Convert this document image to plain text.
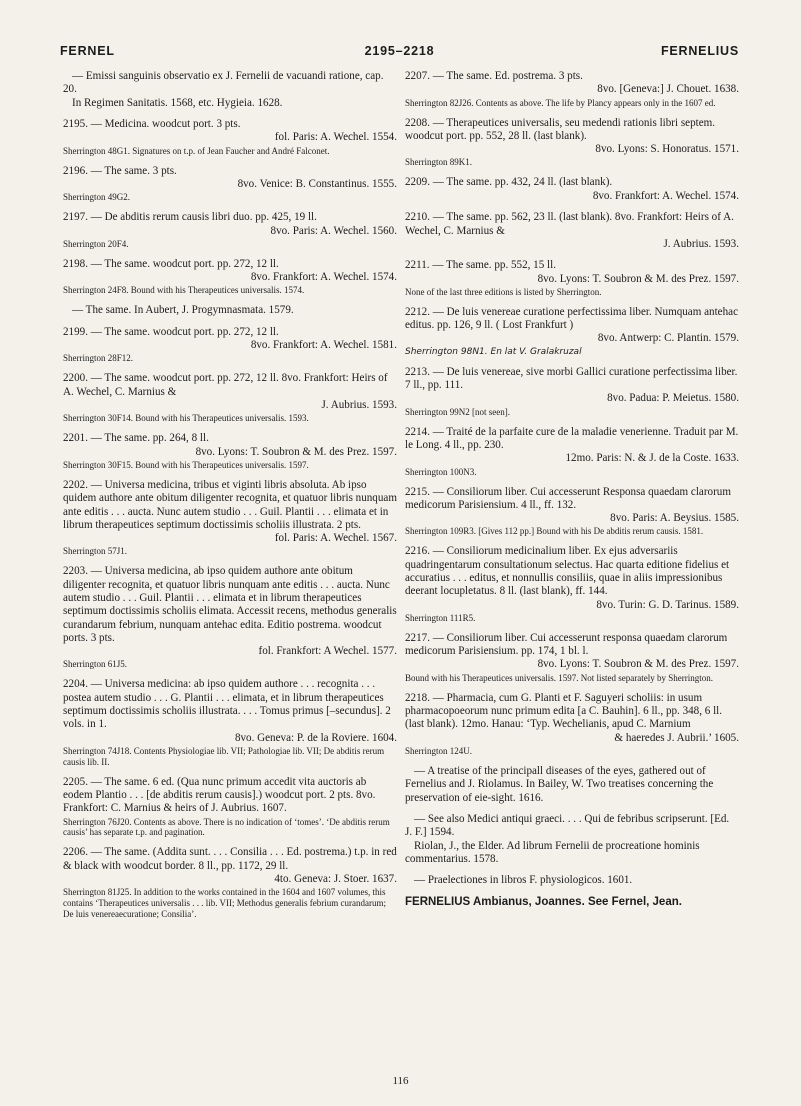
FERNEL	2195–2218	FERNELIUS

— Emissi sanguinis observatio ex J. Fernelii de vacuandi ratione, cap. 20.

In Regimen Sanitatis. 1568, etc. Hygieia. 1628.

2195. — Medicina. woodcut port. 3 pts.

fol. Paris: A. Wechel. 1554.

Sherrington 48G1. Signatures on t.p. of Jean Faucher and André Falconet.

2196. — The same. 3 pts.

8vo. Venice: B. Constantinus. 1555.

Sherrington 49G2.

2197. — De abditis rerum causis libri duo. pp. 425, 19 ll.

8vo. Paris: A. Wechel. 1560.

Sherrington 20F4.

2198. — The same. woodcut port. pp. 272, 12 ll.

8vo. Frankfort: A. Wechel. 1574.

Sherrington 24F8. Bound with his Therapeutices universalis. 1574.

— The same. In Aubert, J. Progymnasmata. 1579.

2199. — The same. woodcut port. pp. 272, 12 ll.

8vo. Frankfort: A. Wechel. 1581.

Sherrington 28F12.

2200. — The same. woodcut port. pp. 272, 12 ll. 8vo. Frankfort: Heirs of A. Wechel, C. Marnius &

J. Aubrius. 1593.

Sherrington 30F14. Bound with his Therapeutices universalis. 1593.

2201. — The same. pp. 264, 8 ll.

8vo. Lyons: T. Soubron & M. des Prez. 1597.

Sherrington 30F15. Bound with his Therapeutices universalis. 1597.

2202. — Universa medicina, tribus et viginti libris absoluta. Ab ipso quidem authore ante obitum diligenter recognita, et quatuor libris nunquam ante editis . . . aucta. Nunc autem studio . . . Guil. Plantii . . . elimata et in librum therapeutices septimum doctissimis scholiis illustrata. 2 pts.

fol. Paris: A. Wechel. 1567.

Sherrington 57J1.

2203. — Universa medicina, ab ipso quidem authore ante obitum diligenter recognita, et quatuor libris nunquam ante editis . . . aucta. Nunc autem studio . . . Guil. Plantii . . . elimata et in librum therapeutices septimum doctissimis scholiis elimata. Accessit recens, methodus generalis curandarum febrium, nunquam antehac edita. Editio postrema. woodcut ports. 3 pts.

fol. Frankfort: A Wechel. 1577.

Sherrington 61J5.

2204. — Universa medicina: ab ipso quidem authore . . . recognita . . . postea autem studio . . . G. Plantii . . . elimata, et in librum therapeutices septimum doctissimis scholiis illustrata. . . . Tomus primus [–secundus]. 2 vols. in 1.

8vo. Geneva: P. de la Roviere. 1604.

Sherrington 74J18. Contents Physiologiae lib. VII; Pathologiae lib. VII; De abditis rerum causis lib. II.

2205. — The same. 6 ed. (Qua nunc primum accedit vita auctoris ab eodem Plantio . . . [de abditis rerum causis].) woodcut port. 2 pts. 8vo. Frankfort: C. Marnius & heirs of J. Aubrius. 1607.

Sherrington 76J20. Contents as above. There is no indication of ‘tomes’. ‘De abditis rerum causis’ has separate t.p. and pagination.

2206. — The same. (Addita sunt. . . . Consilia . . . Ed. postrema.) t.p. in red & black with woodcut border. 8 ll., pp. 1172, 29 ll.

4to. Geneva: J. Stoer. 1637.

Sherrington 81J25. In addition to the works contained in the 1604 and 1607 volumes, this contains ‘Therapeutices universalis . . . lib. VII; Methodus generalis febrium curandarum; De luis venereaecuratione; Consilia’.

2207. — The same. Ed. postrema. 3 pts.

8vo. [Geneva:] J. Chouet. 1638.

Sherrington 82J26. Contents as above. The life by Plancy appears only in the 1607 ed.

2208. — Therapeutices universalis, seu medendi rationis libri septem. woodcut port. pp. 552, 28 ll. (last blank).

8vo. Lyons: S. Honoratus. 1571.

Sherrington 89K1.

2209. — The same. pp. 432, 24 ll. (last blank).

8vo. Frankfort: A. Wechel. 1574.

2210. — The same. pp. 562, 23 ll. (last blank). 8vo. Frankfort: Heirs of A. Wechel, C. Marnius &

J. Aubrius. 1593.

2211. — The same. pp. 552, 15 ll.

8vo. Lyons: T. Soubron & M. des Prez. 1597.

None of the last three editions is listed by Sherrington.

2212. — De luis venereae curatione perfectissima liber. Numquam antehac editus. pp. 126, 9 ll. ( Lost Frankfurt )

8vo. Antwerp: C. Plantin. 1579.

Sherrington 98N1. En lat V. Gralakruzal

2213. — De luis venereae, sive morbi Gallici curatione perfectissima liber. 7 ll., pp. 111.

8vo. Padua: P. Meietus. 1580.

Sherrington 99N2 [not seen].

2214. — Traité de la parfaite cure de la maladie venerienne. Traduit par M. le Long. 4 ll., pp. 230.

12mo. Paris: N. & J. de la Coste. 1633.

Sherrington 100N3.

2215. — Consiliorum liber. Cui accesserunt Responsa quaedam clarorum medicorum Parisiensium. 4 ll., ff. 132.

8vo. Paris: A. Beysius. 1585.

Sherrington 109R3. [Gives 112 pp.] Bound with his De abditis rerum causis. 1581.

2216. — Consiliorum medicinalium liber. Ex ejus adversariis quadringentarum consultationum selectus. Hac quarta editione fidelius et accuratius . . . editus, et nonnullis consiliis, quae in aliis impressionibus deerant locupletatus. 8 ll. (last blank), ff. 144.

8vo. Turin: G. D. Tarinus. 1589.

Sherrington 111R5.

2217. — Consiliorum liber. Cui accesserunt responsa quaedam clarorum medicorum Parisiensium. pp. 174, 1 bl. l.

8vo. Lyons: T. Soubron & M. des Prez. 1597.

Bound with his Therapeutices universalis. 1597. Not listed separately by Sherrington.

2218. — Pharmacia, cum G. Planti et F. Saguyeri scholiis: in usum pharmacopoeorum nunc primum edita [a C. Bauhin]. 6 ll., pp. 348, 6 ll. (last blank). 12mo. Hanau: ‘Typ. Wechelianis, apud C. Marnium

& haeredes J. Aubrii.’ 1605.

Sherrington 124U.

— A treatise of the principall diseases of the eyes, gathered out of Fernelius and J. Riolamus. In Bailey, W. Two treatises concerning the preservation of eie-sight. 1616.

— See also Medici antiqui graeci. . . . Qui de febribus scripserunt. [Ed. J. F.] 1594.

Riolan, J., the Elder. Ad librum Fernelii de procreatione hominis commentarius. 1578.

— Praelectiones in libros F. physiologicos. 1601.

FERNELIUS Ambianus, Joannes. See Fernel, Jean.

116
